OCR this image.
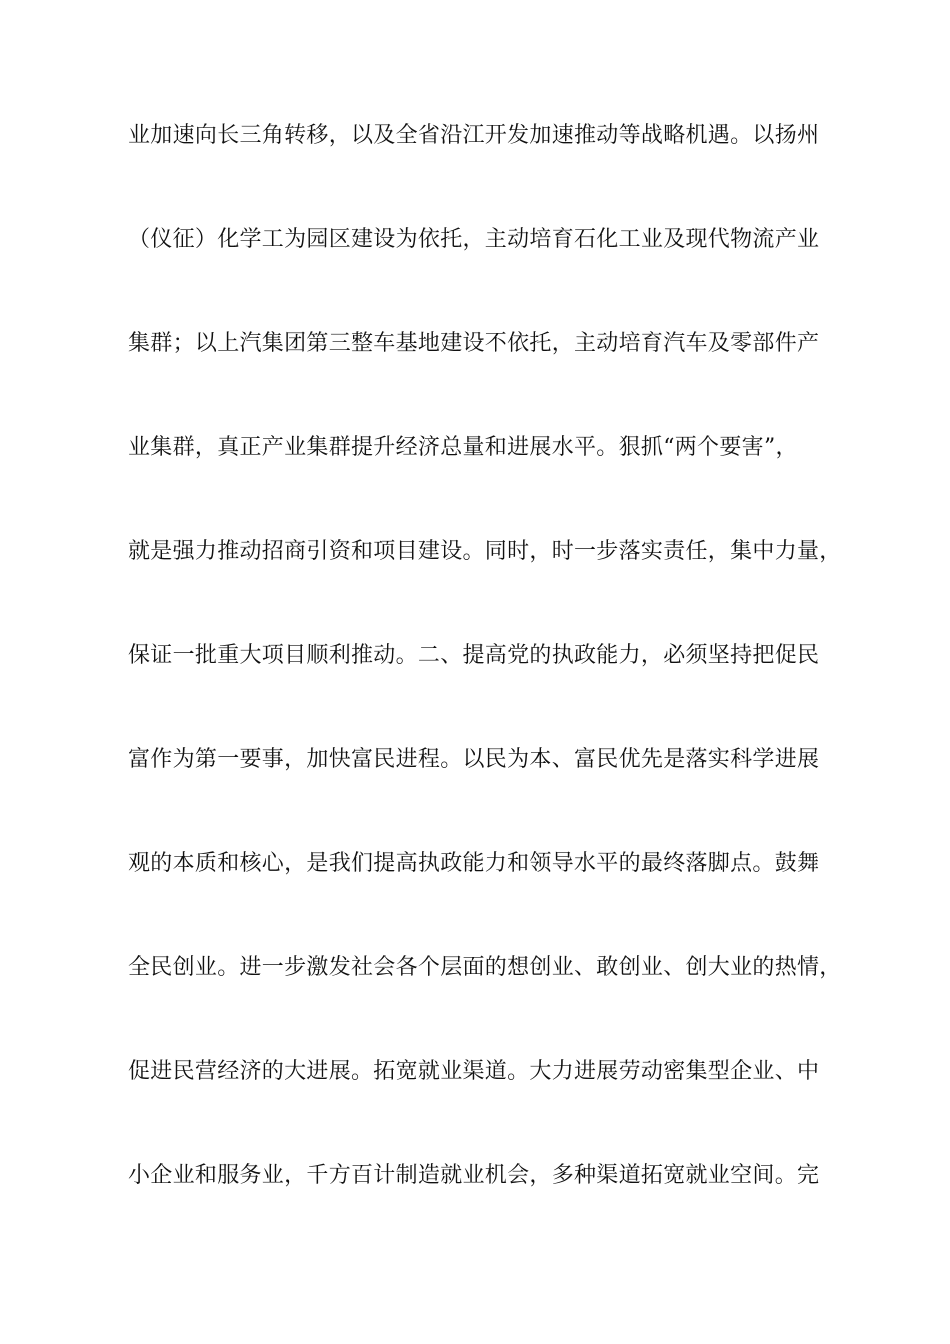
业加速向长三角转移，以及全省沿江开发加速推动等战略机遇。以扬州
（仪征）化学工为园区建设为依托，主动培育石化工业及现代物流产业
集群；以上汽集团第三整车基地建设不依托，主动培育汽车及零部件产
业集群，真正产业集群提升经济总量和进展水平。狠抓“两个要害”，
就是强力推动招商引资和项目建设。同时，时一步落实责任，集中力量，
保证一批重大项目顺利推动。二、提高党的执政能力，必须坚持把促民
富作为第一要事，加快富民进程。以民为本、富民优先是落实科学进展
观的本质和核心，是我们提高执政能力和领导水平的最终落脚点。鼓舞
全民创业。进一步激发社会各个层面的想创业、敢创业、创大业的热情，
促进民营经济的大进展。拓宽就业渠道。大力进展劳动密集型企业、中
小企业和服务业，千方百计制造就业机会，多种渠道拓宽就业空间。完
